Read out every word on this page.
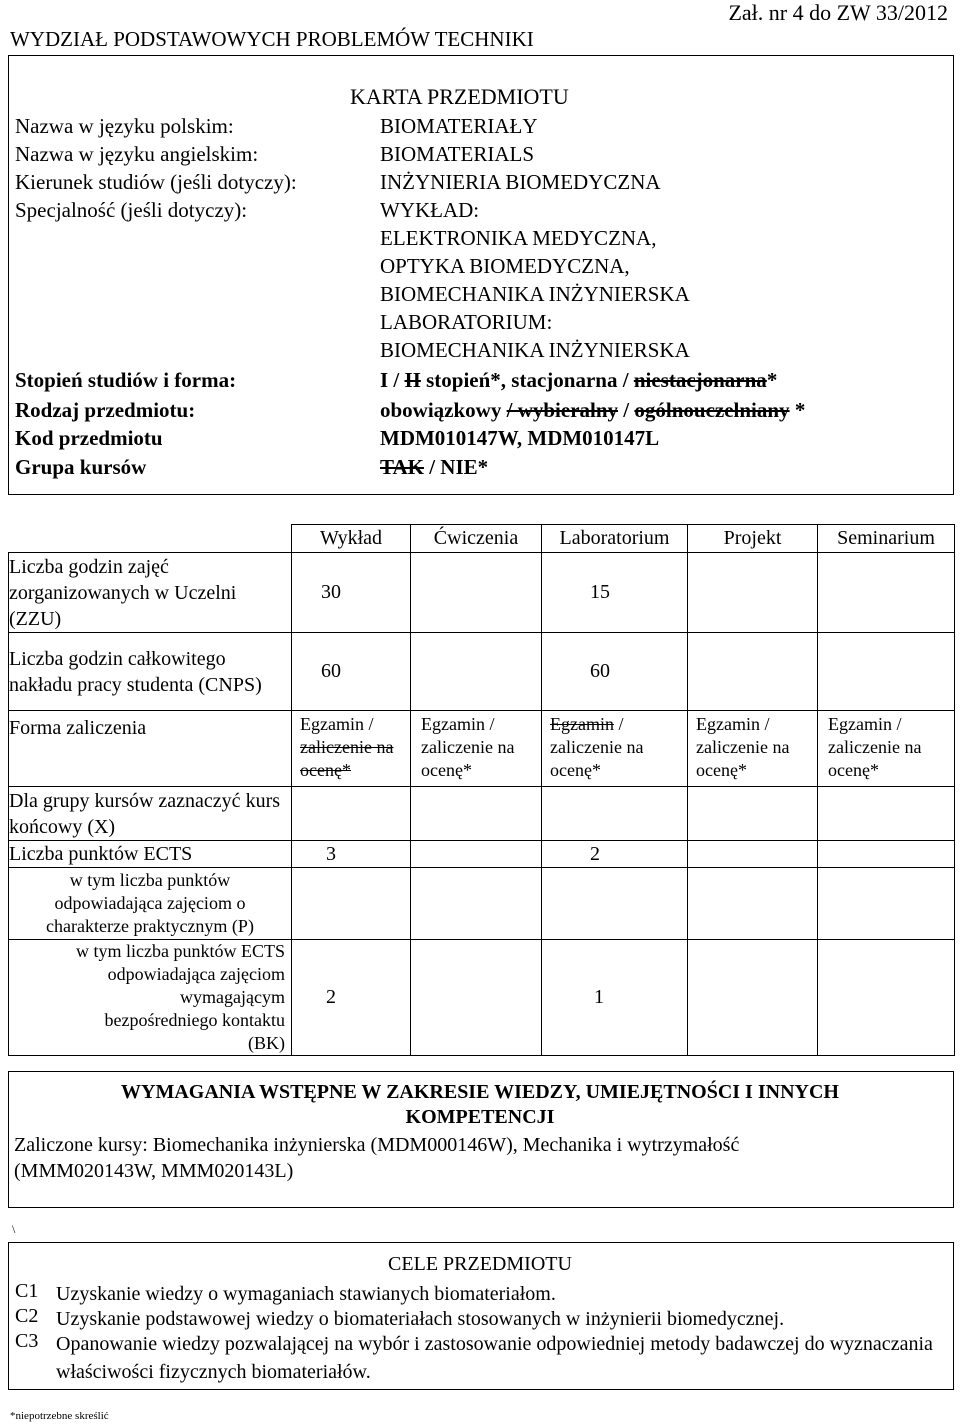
Zał. nr 4 do ZW 33/2012
WYDZIAŁ PODSTAWOWYCH PROBLEMÓW TECHNIKI
KARTA PRZEDMIOTU
Nazwa w języku polskim:	BIOMATERIAŁY
Nazwa w języku angielskim:	BIOMATERIALS
Kierunek studiów (jeśli dotyczy):	INŻYNIERIA BIOMEDYCZNA
Specjalność (jeśli dotyczy):	WYKŁAD:
ELEKTRONIKA MEDYCZNA,
OPTYKA BIOMEDYCZNA,
BIOMECHANIKA INŻYNIERSKA
LABORATORIUM:
BIOMECHANIKA INŻYNIERSKA
Stopień studiów i forma:	I / II stopień*, stacjonarna / niestacjonarna*
Rodzaj przedmiotu:	obowiązkowy / wybieralny / ogólnouczelniany *
Kod przedmiotu	MDM010147W, MDM010147L
Grupa kursów	TAK / NIE*
	Wykład	Ćwiczenia	Laboratorium	Projekt	Seminarium
Liczba godzin zajęć zorganizowanych w Uczelni (ZZU)	30		15		
Liczba godzin całkowitego nakładu pracy studenta (CNPS)	60		60		
Forma zaliczenia	Egzamin / zaliczenie na ocenę*	Egzamin / zaliczenie na ocenę*	Egzamin / zaliczenie na ocenę*	Egzamin / zaliczenie na ocenę*	Egzamin / zaliczenie na ocenę*
Dla grupy kursów zaznaczyć kurs końcowy (X)					
Liczba punktów ECTS	3		2		
w tym liczba punktów odpowiadająca zajęciom o charakterze praktycznym (P)					
w tym liczba punktów ECTS odpowiadająca zajęciom wymagającym bezpośredniego kontaktu (BK)	2		1		
WYMAGANIA WSTĘPNE W ZAKRESIE WIEDZY, UMIEJĘTNOŚCI I INNYCH
KOMPETENCJI
Zaliczone kursy: Biomechanika inżynierska (MDM000146W), Mechanika i wytrzymałość
(MMM020143W, MMM020143L)
\
CELE PRZEDMIOTU
C1 Uzyskanie wiedzy o wymaganiach stawianych biomateriałom.
C2 Uzyskanie podstawowej wiedzy o biomateriałach stosowanych w inżynierii biomedycznej.
C3 Opanowanie wiedzy pozwalającej na wybór i zastosowanie odpowiedniej metody badawczej do wyznaczania właściwości fizycznych biomateriałów.
*niepotrzebne skreślić
